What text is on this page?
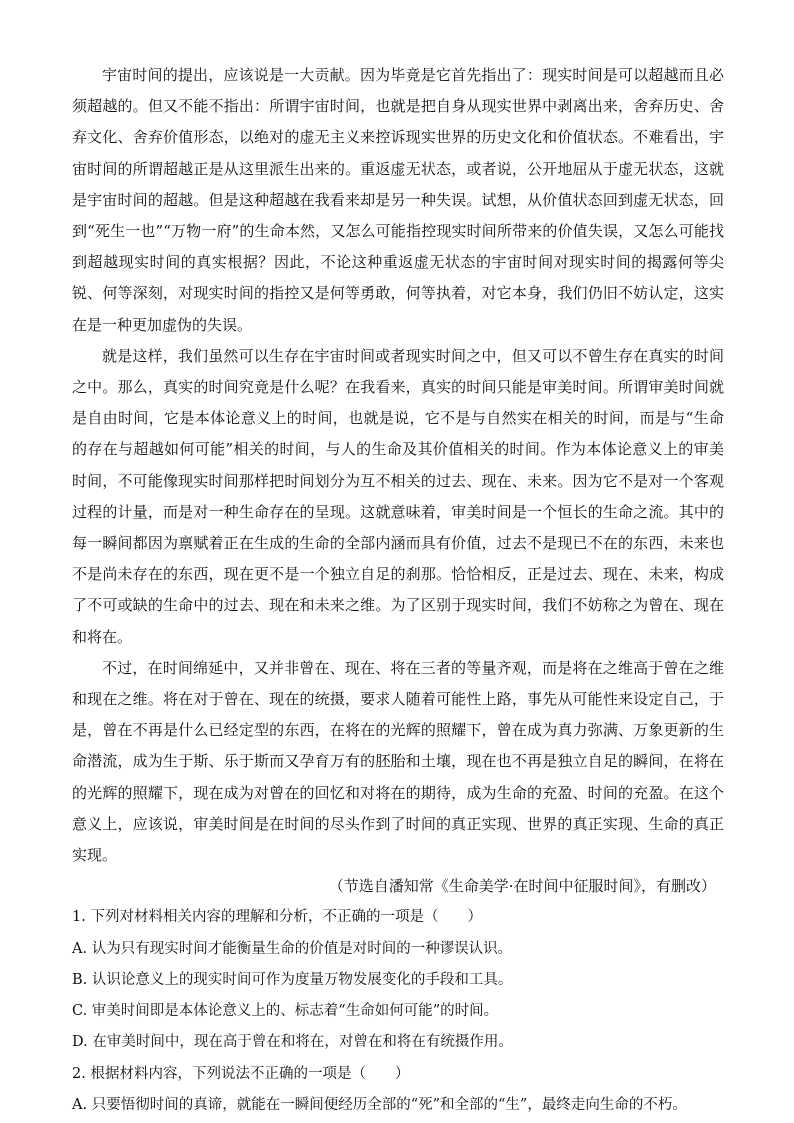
宇宙时间的提出，应该说是一大贡献。因为毕竟是它首先指出了：现实时间是可以超越而且必须超越的。但又不能不指出：所谓宇宙时间，也就是把自身从现实世界中剥离出来，舍弃历史、舍弃文化、舍弃价值形态，以绝对的虚无主义来控诉现实世界的历史文化和价值状态。不难看出，宇宙时间的所谓超越正是从这里派生出来的。重返虚无状态，或者说，公开地屈从于虚无状态，这就是宇宙时间的超越。但是这种超越在我看来却是另一种失误。试想，从价值状态回到虚无状态，回到“死生一也”“万物一府”的生命本然，又怎么可能指控现实时间所带来的价值失误，又怎么可能找到超越现实时间的真实根据？因此，不论这种重返虚无状态的宇宙时间对现实时间的揭露何等尖锐、何等深刻，对现实时间的指控又是何等勇敢，何等执着，对它本身，我们仍旧不妨认定，这实在是一种更加虚伪的失误。

就是这样，我们虽然可以生存在宇宙时间或者现实时间之中，但又可以不曾生存在真实的时间之中。那么，真实的时间究竟是什么呢？在我看来，真实的时间只能是审美时间。所谓审美时间就是自由时间，它是本体论意义上的时间，也就是说，它不是与自然实在相关的时间，而是与“生命的存在与超越如何可能”相关的时间，与人的生命及其价值相关的时间。作为本体论意义上的审美时间，不可能像现实时间那样把时间划分为互不相关的过去、现在、未来。因为它不是对一个客观过程的计量，而是对一种生命存在的呈现。这就意味着，审美时间是一个恒长的生命之流。其中的每一瞬间都因为禀赋着正在生成的生命的全部内涵而具有价值，过去不是现已不在的东西，未来也不是尚未存在的东西，现在更不是一个独立自足的刹那。恰恰相反，正是过去、现在、未来，构成了不可或缺的生命中的过去、现在和未来之维。为了区别于现实时间，我们不妨称之为曾在、现在和将在。

不过，在时间绵延中，又并非曾在、现在、将在三者的等量齐观，而是将在之维高于曾在之维和现在之维。将在对于曾在、现在的统摄，要求人随着可能性上路，事先从可能性来设定自己，于是，曾在不再是什么已经定型的东西，在将在的光辉的照耀下，曾在成为真力弥满、万象更新的生命潜流，成为生于斯、乐于斯而又孕育万有的胚胎和土壤，现在也不再是独立自足的瞬间，在将在的光辉的照耀下，现在成为对曾在的回忆和对将在的期待，成为生命的充盈、时间的充盈。在这个意义上，应该说，审美时间是在时间的尽头作到了时间的真正实现、世界的真正实现、生命的真正实现。

（节选自潘知常《生命美学·在时间中征服时间》，有删改）

1. 下列对材料相关内容的理解和分析，不正确的一项是（　　）

A. 认为只有现实时间才能衡量生命的价值是对时间的一种谬误认识。

B. 认识论意义上的现实时间可作为度量万物发展变化的手段和工具。

C. 审美时间即是本体论意义上的、标志着“生命如何可能”的时间。

D. 在审美时间中，现在高于曾在和将在，对曾在和将在有统摄作用。

2. 根据材料内容，下列说法不正确的一项是（　　）

A. 只要悟彻时间的真谛，就能在一瞬间便经历全部的“死”和全部的“生”，最终走向生命的不朽。
